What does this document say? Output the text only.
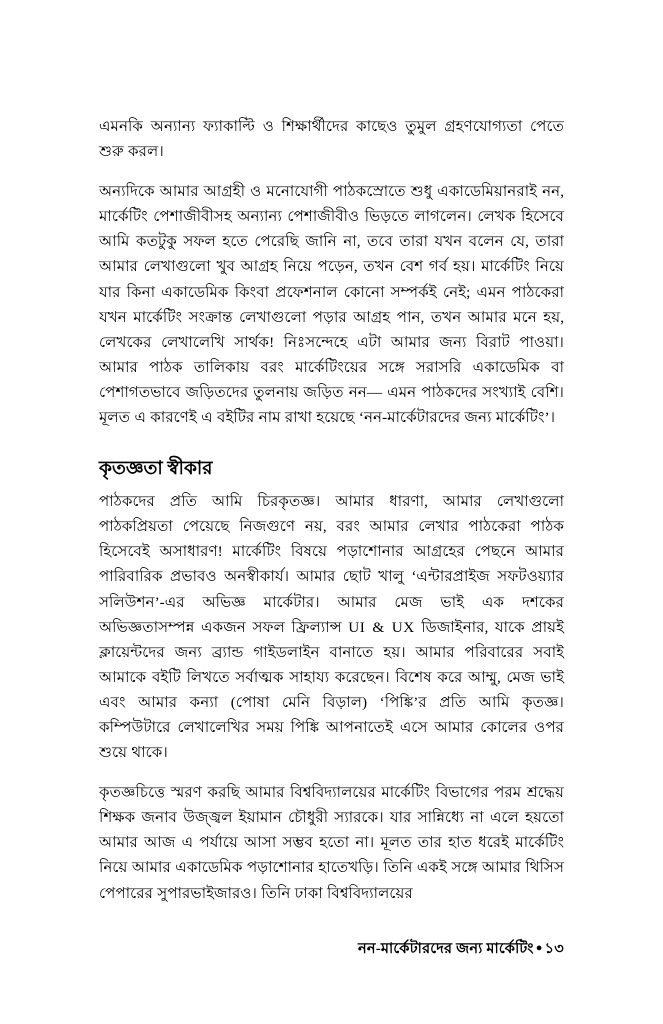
এমনকি অন্যান্য ফ্যাকাল্টি ও শিক্ষার্থীদের কাছেও তুমুল গ্রহণযোগ্যতা পেতে শুরু করল।

অন্যদিকে আমার আগ্রহী ও মনোযোগী পাঠকস্রোতে শুধু একাডেমিয়ানরাই নন, মার্কেটিং পেশাজীবীসহ অন্যান্য পেশাজীবীও ভিড়তে লাগলেন। লেখক হিসেবে আমি কতটুকু সফল হতে পেরেছি জানি না, তবে তারা যখন বলেন যে, তারা আমার লেখাগুলো খুব আগ্রহ নিয়ে পড়েন, তখন বেশ গর্ব হয়। মার্কেটিং নিয়ে যার কিনা একাডেমিক কিংবা প্রফেশনাল কোনো সম্পর্কই নেই; এমন পাঠকেরা যখন মার্কেটিং সংক্রান্ত লেখাগুলো পড়ার আগ্রহ পান, তখন আমার মনে হয়, লেখকের লেখালেখি সার্থক! নিঃসন্দেহে এটা আমার জন্য বিরাট পাওয়া। আমার পাঠক তালিকায় বরং মার্কেটিংয়ের সঙ্গে সরাসরি একাডেমিক বা পেশাগতভাবে জড়িতদের তুলনায় জড়িত নন— এমন পাঠকদের সংখ্যাই বেশি। মূলত এ কারণেই এ বইটির নাম রাখা হয়েছে ‘নন-মার্কেটারদের জন্য মার্কেটিং’।

কৃতজ্ঞতা স্বীকার

পাঠকদের প্রতি আমি চিরকৃতজ্ঞ। আমার ধারণা, আমার লেখাগুলো পাঠকপ্রিয়তা পেয়েছে নিজগুণে নয়, বরং আমার লেখার পাঠকেরা পাঠক হিসেবেই অসাধারণ! মার্কেটিং বিষয়ে পড়াশোনার আগ্রহের পেছনে আমার পারিবারিক প্রভাবও অনস্বীকার্য। আমার ছোট খালু ‘এন্টারপ্রাইজ সফটওয়্যার সলিউশন’-এর অভিজ্ঞ মার্কেটার। আমার মেজ ভাই এক দশকের অভিজ্ঞতাসম্পন্ন একজন সফল ফ্রিল্যান্স UI & UX ডিজাইনার, যাকে প্রায়ই ক্লায়েন্টদের জন্য ব্র্যান্ড গাইডলাইন বানাতে হয়। আমার পরিবারের সবাই আমাকে বইটি লিখতে সর্বাত্মক সাহায্য করেছেন। বিশেষ করে আম্মু, মেজ ভাই এবং আমার কন্যা (পোষা মেনি বিড়াল) ‘পিঙ্কি’র প্রতি আমি কৃতজ্ঞ। কম্পিউটারে লেখালেখির সময় পিঙ্কি আপনাতেই এসে আমার কোলের ওপর শুয়ে থাকে।

কৃতজ্ঞচিত্তে স্মরণ করছি আমার বিশ্ববিদ্যালয়ের মার্কেটিং বিভাগের পরম শ্রদ্ধেয় শিক্ষক জনাব উজ্জ্বল ইয়ামান চৌধুরী স্যারকে। যার সান্নিধ্যে না এলে হয়তো আমার আজ এ পর্যায়ে আসা সম্ভব হতো না। মূলত তার হাত ধরেই মার্কেটিং নিয়ে আমার একাডেমিক পড়াশোনার হাতেখড়ি। তিনি একই সঙ্গে আমার থিসিস পেপারের সুপারভাইজারও। তিনি ঢাকা বিশ্ববিদ্যালয়ের

নন-মার্কেটারদের জন্য মার্কেটিং ● ১৩
